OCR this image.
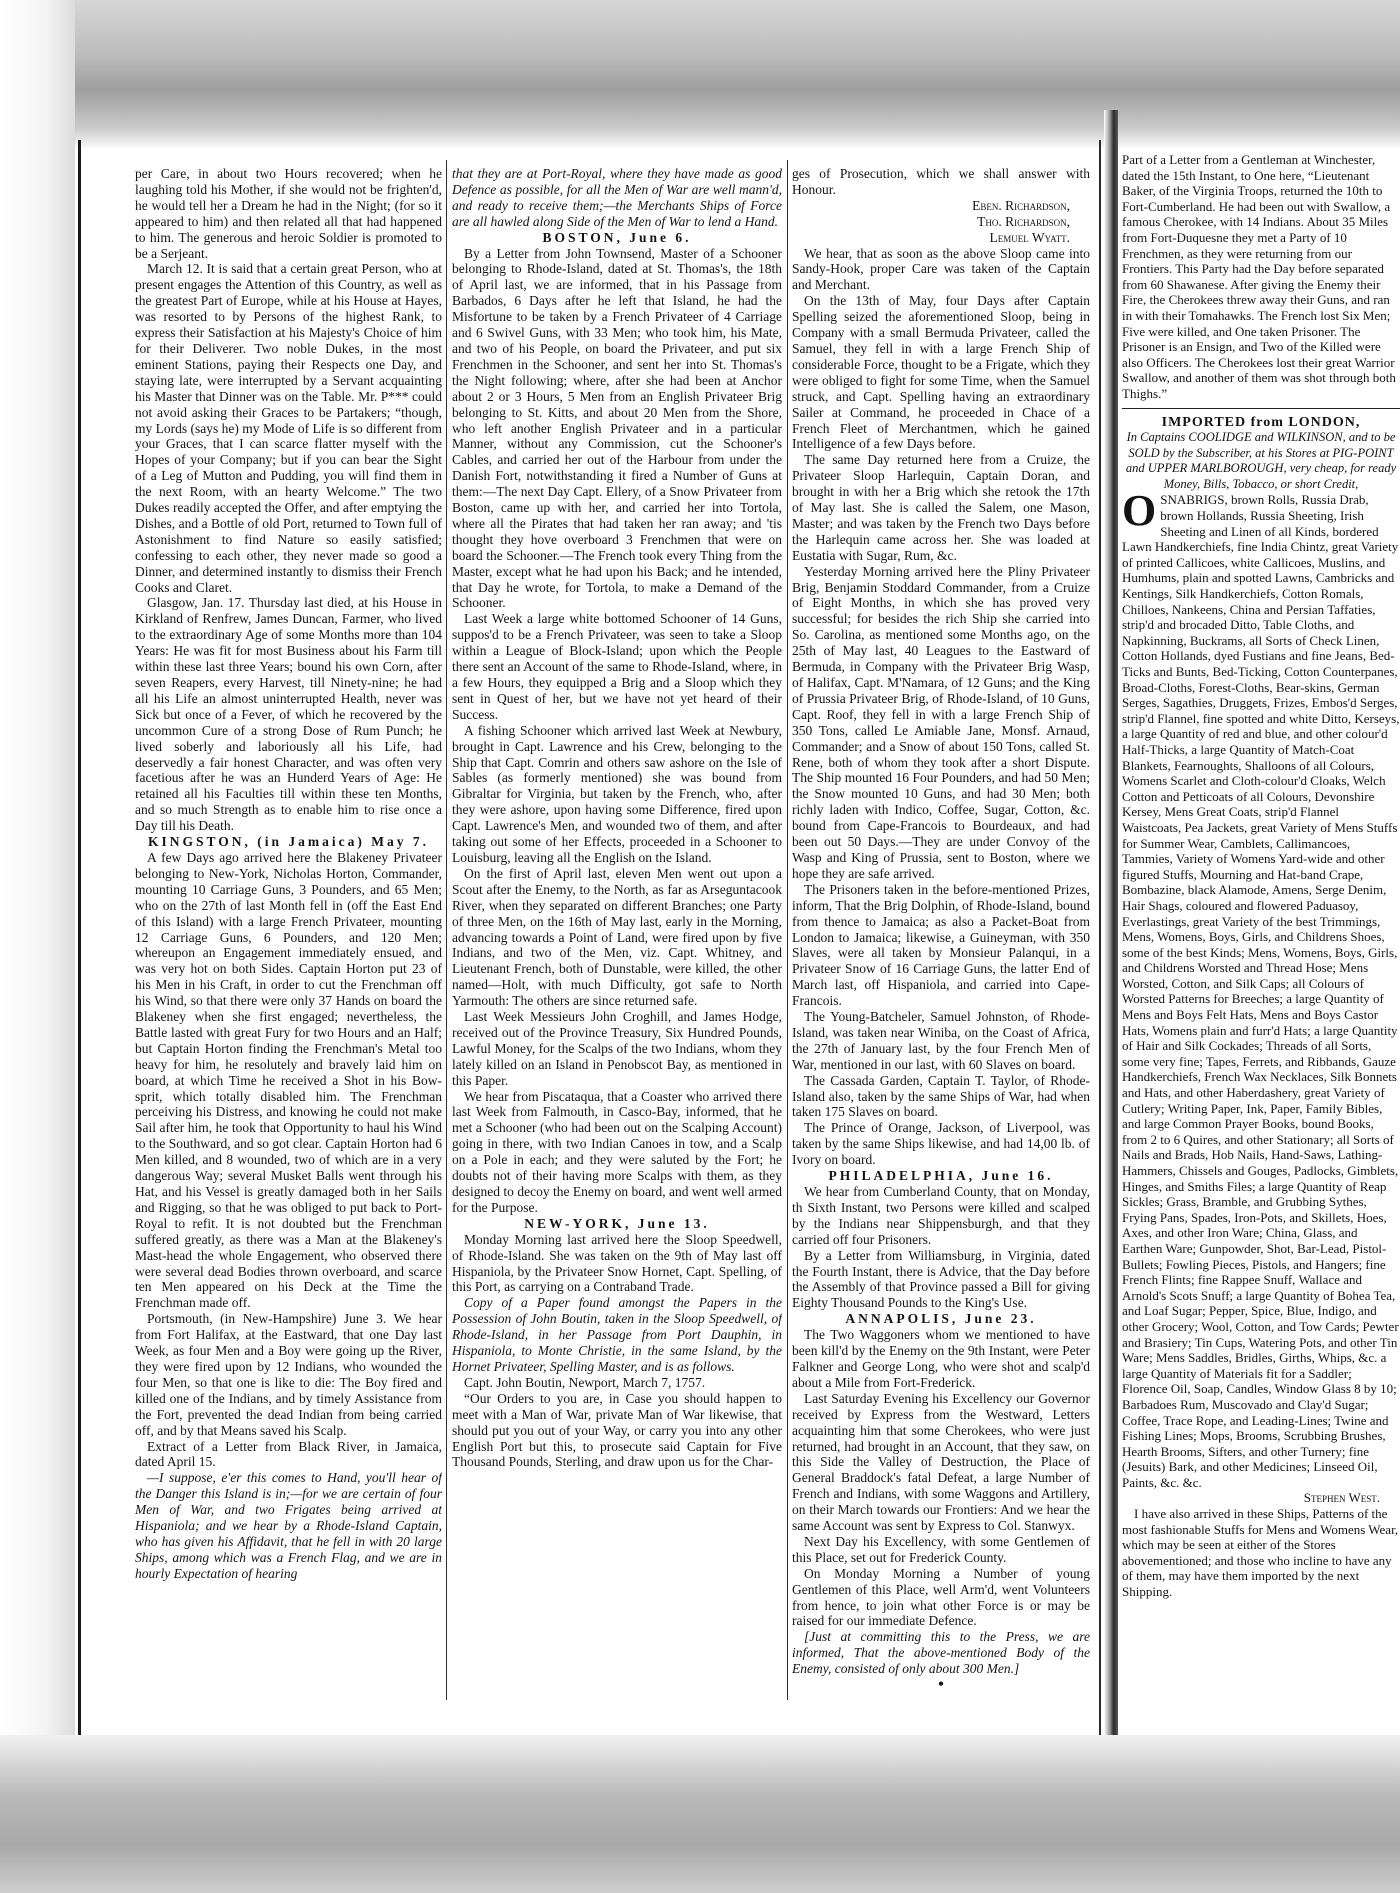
per Care, in about two Hours recovered; when he laughing told his Mother, if she would not be frighten'd, he would tell her a Dream he had in the Night; (for so it appeared to him) and then related all that had happened to him. The generous and heroic Soldier is promoted to be a Serjeant.

March 12. It is said that a certain great Person, who at present engages the Attention of this Country, as well as the greatest Part of Europe, while at his House at Hayes, was resorted to by Persons of the highest Rank, to express their Satisfaction at his Majesty's Choice of him for their Deliverer. Two noble Dukes, in the most eminent Stations, paying their Respects one Day, and staying late, were interrupted by a Servant acquainting his Master that Dinner was on the Table. Mr. P*** could not avoid asking their Graces to be Partakers; “though, my Lords (says he) my Mode of Life is so different from your Graces, that I can scarce flatter myself with the Hopes of your Company; but if you can bear the Sight of a Leg of Mutton and Pudding, you will find them in the next Room, with an hearty Welcome.” The two Dukes readily accepted the Offer, and after emptying the Dishes, and a Bottle of old Port, returned to Town full of Astonishment to find Nature so easily satisfied; confessing to each other, they never made so good a Dinner, and determined instantly to dismiss their French Cooks and Claret.

Glasgow, Jan. 17. Thursday last died, at his House in Kirkland of Renfrew, James Duncan, Farmer, who lived to the extraordinary Age of some Months more than 104 Years: He was fit for most Business about his Farm till within these last three Years; bound his own Corn, after seven Reapers, every Harvest, till Ninety-nine; he had all his Life an almost uninterrupted Health, never was Sick but once of a Fever, of which he recovered by the uncommon Cure of a strong Dose of Rum Punch; he lived soberly and laboriously all his Life, had deservedly a fair honest Character, and was often very facetious after he was an Hunderd Years of Age: He retained all his Faculties till within these ten Months, and so much Strength as to enable him to rise once a Day till his Death.

KINGSTON, (in Jamaica) May 7.

A few Days ago arrived here the Blakeney Privateer belonging to New-York, Nicholas Horton, Commander, mounting 10 Carriage Guns, 3 Pounders, and 65 Men; who on the 27th of last Month fell in (off the East End of this Island) with a large French Privateer, mounting 12 Carriage Guns, 6 Pounders, and 120 Men; whereupon an Engagement immediately ensued, and was very hot on both Sides. Captain Horton put 23 of his Men in his Craft, in order to cut the Frenchman off his Wind, so that there were only 37 Hands on board the Blakeney when she first engaged; nevertheless, the Battle lasted with great Fury for two Hours and an Half; but Captain Horton finding the Frenchman's Metal too heavy for him, he resolutely and bravely laid him on board, at which Time he received a Shot in his Bow-sprit, which totally disabled him. The Frenchman perceiving his Distress, and knowing he could not make Sail after him, he took that Opportunity to haul his Wind to the Southward, and so got clear. Captain Horton had 6 Men killed, and 8 wounded, two of which are in a very dangerous Way; several Musket Balls went through his Hat, and his Vessel is greatly damaged both in her Sails and Rigging, so that he was obliged to put back to Port-Royal to refit. It is not doubted but the Frenchman suffered greatly, as there was a Man at the Blakeney's Mast-head the whole Engagement, who observed there were several dead Bodies thrown overboard, and scarce ten Men appeared on his Deck at the Time the Frenchman made off.

Portsmouth, (in New-Hampshire) June 3. We hear from Fort Halifax, at the Eastward, that one Day last Week, as four Men and a Boy were going up the River, they were fired upon by 12 Indians, who wounded the four Men, so that one is like to die: The Boy fired and killed one of the Indians, and by timely Assistance from the Fort, prevented the dead Indian from being carried off, and by that Means saved his Scalp.

Extract of a Letter from Black River, in Jamaica, dated April 15.

—I suppose, e'er this comes to Hand, you'll hear of the Danger this Island is in;—for we are certain of four Men of War, and two Frigates being arrived at Hispaniola; and we hear by a Rhode-Island Captain, who has given his Affidavit, that he fell in with 20 large Ships, among which was a French Flag, and we are in hourly Expectation of hearing

that they are at Port-Royal, where they have made as good Defence as possible, for all the Men of War are well mann'd, and ready to receive them;—the Merchants Ships of Force are all hawled along Side of the Men of War to lend a Hand.

BOSTON, June 6.

By a Letter from John Townsend, Master of a Schooner belonging to Rhode-Island, dated at St. Thomas's, the 18th of April last, we are informed, that in his Passage from Barbados, 6 Days after he left that Island, he had the Misfortune to be taken by a French Privateer of 4 Carriage and 6 Swivel Guns, with 33 Men; who took him, his Mate, and two of his People, on board the Privateer, and put six Frenchmen in the Schooner, and sent her into St. Thomas's the Night following; where, after she had been at Anchor about 2 or 3 Hours, 5 Men from an English Privateer Brig belonging to St. Kitts, and about 20 Men from the Shore, who left another English Privateer and in a particular Manner, without any Commission, cut the Schooner's Cables, and carried her out of the Harbour from under the Danish Fort, notwithstanding it fired a Number of Guns at them:—The next Day Capt. Ellery, of a Snow Privateer from Boston, came up with her, and carried her into Tortola, where all the Pirates that had taken her ran away; and 'tis thought they hove overboard 3 Frenchmen that were on board the Schooner.—The French took every Thing from the Master, except what he had upon his Back; and he intended, that Day he wrote, for Tortola, to make a Demand of the Schooner.

Last Week a large white bottomed Schooner of 14 Guns, suppos'd to be a French Privateer, was seen to take a Sloop within a League of Block-Island; upon which the People there sent an Account of the same to Rhode-Island, where, in a few Hours, they equipped a Brig and a Sloop which they sent in Quest of her, but we have not yet heard of their Success.

A fishing Schooner which arrived last Week at Newbury, brought in Capt. Lawrence and his Crew, belonging to the Ship that Capt. Comrin and others saw ashore on the Isle of Sables (as formerly mentioned) she was bound from Gibraltar for Virginia, but taken by the French, who, after they were ashore, upon having some Difference, fired upon Capt. Lawrence's Men, and wounded two of them, and after taking out some of her Effects, proceeded in a Schooner to Louisburg, leaving all the English on the Island.

On the first of April last, eleven Men went out upon a Scout after the Enemy, to the North, as far as Arseguntacook River, when they separated on different Branches; one Party of three Men, on the 16th of May last, early in the Morning, advancing towards a Point of Land, were fired upon by five Indians, and two of the Men, viz. Capt. Whitney, and Lieutenant French, both of Dunstable, were killed, the other named—Holt, with much Difficulty, got safe to North Yarmouth: The others are since returned safe.

Last Week Messieurs John Croghill, and James Hodge, received out of the Province Treasury, Six Hundred Pounds, Lawful Money, for the Scalps of the two Indians, whom they lately killed on an Island in Penobscot Bay, as mentioned in this Paper.

We hear from Piscataqua, that a Coaster who arrived there last Week from Falmouth, in Casco-Bay, informed, that he met a Schooner (who had been out on the Scalping Account) going in there, with two Indian Canoes in tow, and a Scalp on a Pole in each; and they were saluted by the Fort; he doubts not of their having more Scalps with them, as they designed to decoy the Enemy on board, and went well armed for the Purpose.

NEW-YORK, June 13.

Monday Morning last arrived here the Sloop Speedwell, of Rhode-Island. She was taken on the 9th of May last off Hispaniola, by the Privateer Snow Hornet, Capt. Spelling, of this Port, as carrying on a Contraband Trade.

Copy of a Paper found amongst the Papers in the Possession of John Boutin, taken in the Sloop Speedwell, of Rhode-Island, in her Passage from Port Dauphin, in Hispaniola, to Monte Christie, in the same Island, by the Hornet Privateer, Spelling Master, and is as follows.

Capt. John Boutin, Newport, March 7, 1757.

“Our Orders to you are, in Case you should happen to meet with a Man of War, private Man of War likewise, that should put you out of your Way, or carry you into any other English Port but this, to prosecute said Captain for Five Thousand Pounds, Sterling, and draw upon us for the Char-

ges of Prosecution, which we shall answer with Honour.

Eben. Richardson,

Tho. Richardson,

Lemuel Wyatt.

We hear, that as soon as the above Sloop came into Sandy-Hook, proper Care was taken of the Captain and Merchant.

On the 13th of May, four Days after Captain Spelling seized the aforementioned Sloop, being in Company with a small Bermuda Privateer, called the Samuel, they fell in with a large French Ship of considerable Force, thought to be a Frigate, which they were obliged to fight for some Time, when the Samuel struck, and Capt. Spelling having an extraordinary Sailer at Command, he proceeded in Chace of a French Fleet of Merchantmen, which he gained Intelligence of a few Days before.

The same Day returned here from a Cruize, the Privateer Sloop Harlequin, Captain Doran, and brought in with her a Brig which she retook the 17th of May last. She is called the Salem, one Mason, Master; and was taken by the French two Days before the Harlequin came across her. She was loaded at Eustatia with Sugar, Rum, &c.

Yesterday Morning arrived here the Pliny Privateer Brig, Benjamin Stoddard Commander, from a Cruize of Eight Months, in which she has proved very successful; for besides the rich Ship she carried into So. Carolina, as mentioned some Months ago, on the 25th of May last, 40 Leagues to the Eastward of Bermuda, in Company with the Privateer Brig Wasp, of Halifax, Capt. M'Namara, of 12 Guns; and the King of Prussia Privateer Brig, of Rhode-Island, of 10 Guns, Capt. Roof, they fell in with a large French Ship of 350 Tons, called Le Amiable Jane, Monsf. Arnaud, Commander; and a Snow of about 150 Tons, called St. Rene, both of whom they took after a short Dispute. The Ship mounted 16 Four Pounders, and had 50 Men; the Snow mounted 10 Guns, and had 30 Men; both richly laden with Indico, Coffee, Sugar, Cotton, &c. bound from Cape-Francois to Bourdeaux, and had been out 50 Days.—They are under Convoy of the Wasp and King of Prussia, sent to Boston, where we hope they are safe arrived.

The Prisoners taken in the before-mentioned Prizes, inform, That the Brig Dolphin, of Rhode-Island, bound from thence to Jamaica; as also a Packet-Boat from London to Jamaica; likewise, a Guineyman, with 350 Slaves, were all taken by Monsieur Palanqui, in a Privateer Snow of 16 Carriage Guns, the latter End of March last, off Hispaniola, and carried into Cape-Francois.

The Young-Batcheler, Samuel Johnston, of Rhode-Island, was taken near Winiba, on the Coast of Africa, the 27th of January last, by the four French Men of War, mentioned in our last, with 60 Slaves on board.

The Cassada Garden, Captain T. Taylor, of Rhode-Island also, taken by the same Ships of War, had when taken 175 Slaves on board.

The Prince of Orange, Jackson, of Liverpool, was taken by the same Ships likewise, and had 14,00 lb. of Ivory on board.

PHILADELPHIA, June 16.

We hear from Cumberland County, that on Monday, th Sixth Instant, two Persons were killed and scalped by the Indians near Shippensburgh, and that they carried off four Prisoners.

By a Letter from Williamsburg, in Virginia, dated the Fourth Instant, there is Advice, that the Day before the Assembly of that Province passed a Bill for giving Eighty Thousand Pounds to the King's Use.

ANNAPOLIS, June 23.

The Two Waggoners whom we mentioned to have been kill'd by the Enemy on the 9th Instant, were Peter Falkner and George Long, who were shot and scalp'd about a Mile from Fort-Frederick.

Last Saturday Evening his Excellency our Governor received by Express from the Westward, Letters acquainting him that some Cherokees, who were just returned, had brought in an Account, that they saw, on this Side the Valley of Destruction, the Place of General Braddock's fatal Defeat, a large Number of French and Indians, with some Waggons and Artillery, on their March towards our Frontiers: And we hear the same Account was sent by Express to Col. Stanwyx.

Next Day his Excellency, with some Gentlemen of this Place, set out for Frederick County.

On Monday Morning a Number of young Gentlemen of this Place, well Arm'd, went Volunteers from hence, to join what other Force is or may be raised for our immediate Defence.

[Just at committing this to the Press, we are informed, That the above-mentioned Body of the Enemy, consisted of only about 300 Men.]

•

Part of a Letter from a Gentleman at Winchester, dated the 15th Instant, to One here, “Lieutenant Baker, of the Virginia Troops, returned the 10th to Fort-Cumberland. He had been out with Swallow, a famous Cherokee, with 14 Indians. About 35 Miles from Fort-Duquesne they met a Party of 10 Frenchmen, as they were returning from our Frontiers. This Party had the Day before separated from 60 Shawanese. After giving the Enemy their Fire, the Cherokees threw away their Guns, and ran in with their Tomahawks. The French lost Six Men; Five were killed, and One taken Prisoner. The Prisoner is an Ensign, and Two of the Killed were also Officers. The Cherokees lost their great Warrior Swallow, and another of them was shot through both Thighs.”

IMPORTED from LONDON,

In Captains COOLIDGE and WILKINSON, and to be SOLD by the Subscriber, at his Stores at PIG-POINT and UPPER MARLBOROUGH, very cheap, for ready Money, Bills, Tobacco, or short Credit,

OSNABRIGS, brown Rolls, Russia Drab, brown Hollands, Russia Sheeting, Irish Sheeting and Linen of all Kinds, bordered Lawn Handkerchiefs, fine India Chintz, great Variety of printed Callicoes, white Callicoes, Muslins, and Humhums, plain and spotted Lawns, Cambricks and Kentings, Silk Handkerchiefs, Cotton Romals, Chilloes, Nankeens, China and Persian Taffaties, strip'd and brocaded Ditto, Table Cloths, and Napkinning, Buckrams, all Sorts of Check Linen, Cotton Hollands, dyed Fustians and fine Jeans, Bed-Ticks and Bunts, Bed-Ticking, Cotton Counterpanes, Broad-Cloths, Forest-Cloths, Bear-skins, German Serges, Sagathies, Druggets, Frizes, Embos'd Serges, strip'd Flannel, fine spotted and white Ditto, Kerseys, a large Quantity of red and blue, and other colour'd Half-Thicks, a large Quantity of Match-Coat Blankets, Fearnoughts, Shalloons of all Colours, Womens Scarlet and Cloth-colour'd Cloaks, Welch Cotton and Petticoats of all Colours, Devonshire Kersey, Mens Great Coats, strip'd Flannel Waistcoats, Pea Jackets, great Variety of Mens Stuffs for Summer Wear, Camblets, Callimancoes, Tammies, Variety of Womens Yard-wide and other figured Stuffs, Mourning and Hat-band Crape, Bombazine, black Alamode, Amens, Serge Denim, Hair Shags, coloured and flowered Paduasoy, Everlastings, great Variety of the best Trimmings, Mens, Womens, Boys, Girls, and Childrens Shoes, some of the best Kinds; Mens, Womens, Boys, Girls, and Childrens Worsted and Thread Hose; Mens Worsted, Cotton, and Silk Caps; all Colours of Worsted Patterns for Breeches; a large Quantity of Mens and Boys Felt Hats, Mens and Boys Castor Hats, Womens plain and furr'd Hats; a large Quantity of Hair and Silk Cockades; Threads of all Sorts, some very fine; Tapes, Ferrets, and Ribbands, Gauze Handkerchiefs, French Wax Necklaces, Silk Bonnets and Hats, and other Haberdashery, great Variety of Cutlery; Writing Paper, Ink, Paper, Family Bibles, and large Common Prayer Books, bound Books, from 2 to 6 Quires, and other Stationary; all Sorts of Nails and Brads, Hob Nails, Hand-Saws, Lathing-Hammers, Chissels and Gouges, Padlocks, Gimblets, Hinges, and Smiths Files; a large Quantity of Reap Sickles; Grass, Bramble, and Grubbing Sythes, Frying Pans, Spades, Iron-Pots, and Skillets, Hoes, Axes, and other Iron Ware; China, Glass, and Earthen Ware; Gunpowder, Shot, Bar-Lead, Pistol-Bullets; Fowling Pieces, Pistols, and Hangers; fine French Flints; fine Rappee Snuff, Wallace and Arnold's Scots Snuff; a large Quantity of Bohea Tea, and Loaf Sugar; Pepper, Spice, Blue, Indigo, and other Grocery; Wool, Cotton, and Tow Cards; Pewter and Brasiery; Tin Cups, Watering Pots, and other Tin Ware; Mens Saddles, Bridles, Girths, Whips, &c. a large Quantity of Materials fit for a Saddler; Florence Oil, Soap, Candles, Window Glass 8 by 10; Barbadoes Rum, Muscovado and Clay'd Sugar; Coffee, Trace Rope, and Leading-Lines; Twine and Fishing Lines; Mops, Brooms, Scrubbing Brushes, Hearth Brooms, Sifters, and other Turnery; fine (Jesuits) Bark, and other Medicines; Linseed Oil, Paints, &c. &c.

Stephen West.

I have also arrived in these Ships, Patterns of the most fashionable Stuffs for Mens and Womens Wear, which may be seen at either of the Stores abovementioned; and those who incline to have any of them, may have them imported by the next Shipping.
